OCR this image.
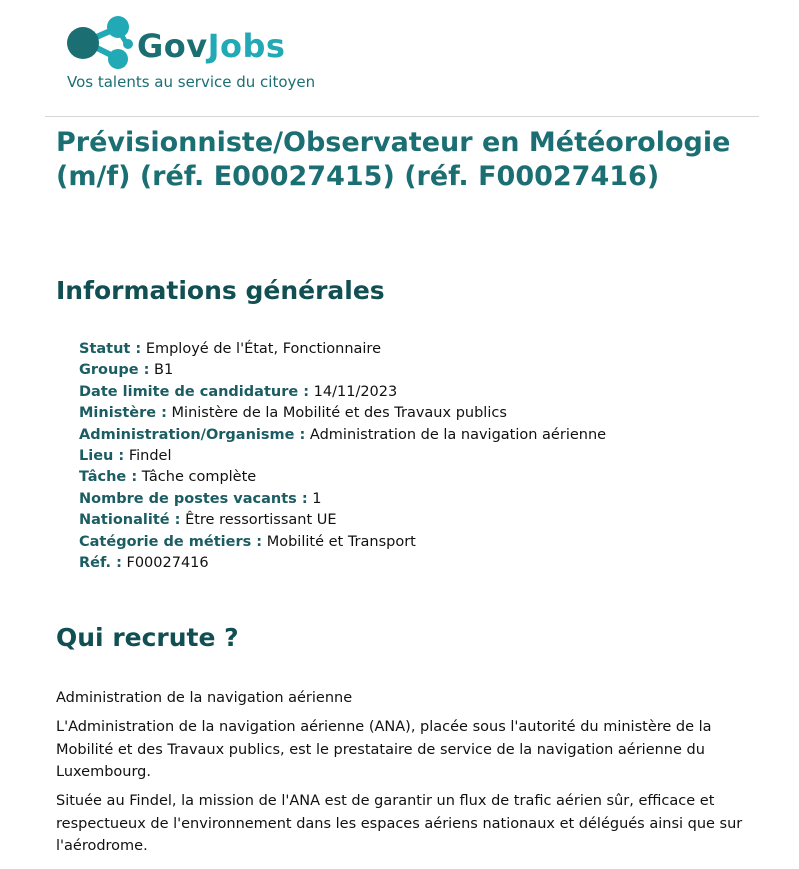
GovJobs
Vos talents au service du citoyen
Prévisionniste/Observateur en Météorologie (m/f) (réf. E00027415) (réf. F00027416)
Informations générales
Statut : Employé de l'État, Fonctionnaire
Groupe : B1
Date limite de candidature : 14/11/2023
Ministère : Ministère de la Mobilité et des Travaux publics
Administration/Organisme : Administration de la navigation aérienne
Lieu : Findel
Tâche : Tâche complète
Nombre de postes vacants : 1
Nationalité : Être ressortissant UE
Catégorie de métiers : Mobilité et Transport
Réf. : F00027416
Qui recrute ?

Administration de la navigation aérienne

L'Administration de la navigation aérienne (ANA), placée sous l'autorité du ministère de la Mobilité et des Travaux publics, est le prestataire de service de la navigation aérienne du Luxembourg.

Située au Findel, la mission de l'ANA est de garantir un flux de trafic aérien sûr, efficace et respectueux de l'environnement dans les espaces aériens nationaux et délégués ainsi que sur l'aérodrome.
